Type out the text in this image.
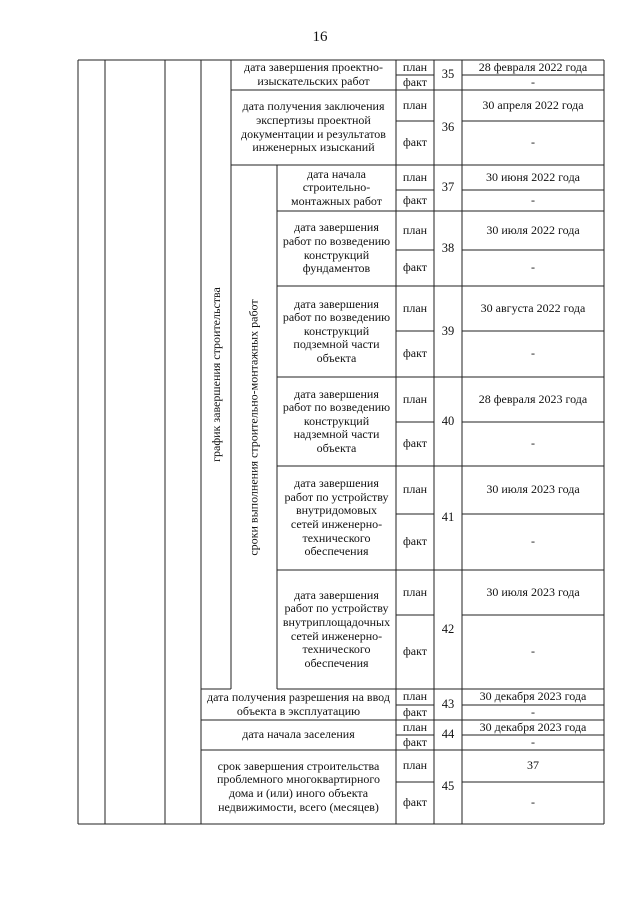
16
график завершения строительства сроки выполнения строительно-монтажных работ
дата завершения проектно-изыскательских работ
план
факт
35
28 февраля 2022 года
-
дата получения заключения экспертизы проектной документации и результатов инженерных изысканий
план
факт
36
30 апреля 2022 года
-
дата начала строительно-монтажных работ
план
факт
37
30 июня 2022 года
-
дата завершения работ по возведению конструкций фундаментов
план
факт
38
30 июля 2022 года
-
дата завершения работ по возведению конструкций подземной части объекта
план
факт
39
30 августа 2022 года
-
дата завершения работ по возведению конструкций надземной части объекта
план
факт
40
28 февраля 2023 года
-
дата завершения работ по устройству внутридомовых сетей инженерно-технического обеспечения
план
факт
41
30 июля 2023 года
-
дата завершения работ по устройству внутриплощадочных сетей инженерно-технического обеспечения
план
факт
42
30 июля 2023 года
-
дата получения разрешения на ввод объекта в эксплуатацию
план
факт
43
30 декабря 2023 года
-
дата начала заселения
план
факт
44
30 декабря 2023 года
-
срок завершения строительства проблемного многоквартирного дома и (или) иного объекта недвижимости, всего (месяцев)
план
факт
45
37
-
